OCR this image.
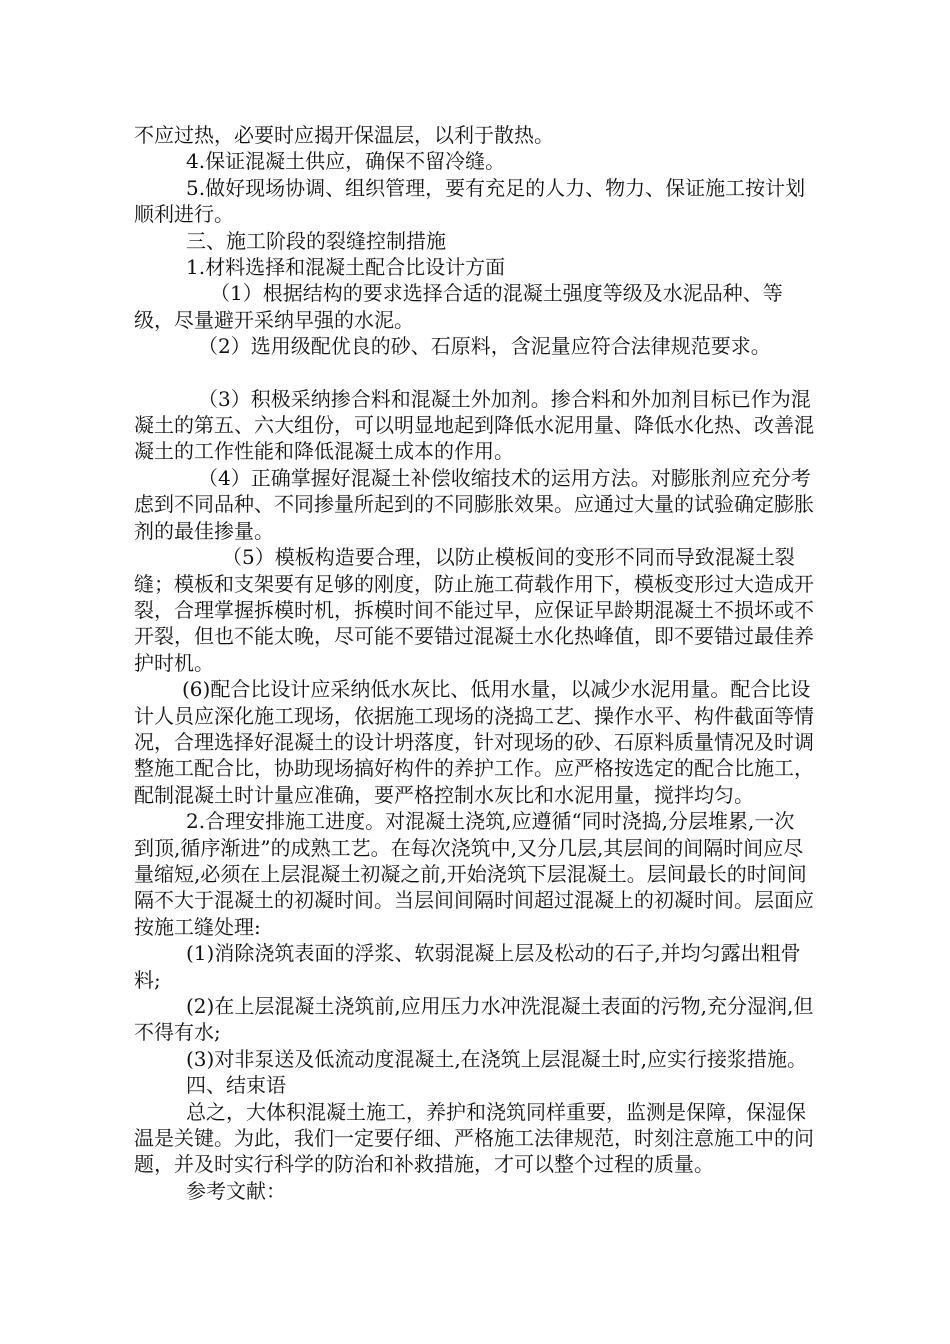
不应过热，必要时应揭开保温层，以利于散热。

4.保证混凝土供应，确保不留冷缝。

5.做好现场协调、组织管理，要有充足的人力、物力、保证施工按计划顺利进行。

三、施工阶段的裂缝控制措施

1.材料选择和混凝土配合比设计方面

（1）根据结构的要求选择合适的混凝土强度等级及水泥品种、等级，尽量避开采纳早强的水泥。

（2）选用级配优良的砂、石原料，含泥量应符合法律规范要求。

（3）积极采纳掺合料和混凝土外加剂。掺合料和外加剂目标已作为混凝土的第五、六大组份，可以明显地起到降低水泥用量、降低水化热、改善混凝土的工作性能和降低混凝土成本的作用。

（4）正确掌握好混凝土补偿收缩技术的运用方法。对膨胀剂应充分考虑到不同品种、不同掺量所起到的不同膨胀效果。应通过大量的试验确定膨胀剂的最佳掺量。

（5）模板构造要合理，以防止模板间的变形不同而导致混凝土裂缝；模板和支架要有足够的刚度，防止施工荷载作用下，模板变形过大造成开裂，合理掌握拆模时机，拆模时间不能过早，应保证早龄期混凝土不损坏或不开裂，但也不能太晚，尽可能不要错过混凝土水化热峰值，即不要错过最佳养护时机。

(6)配合比设计应采纳低水灰比、低用水量，以减少水泥用量。配合比设计人员应深化施工现场，依据施工现场的浇捣工艺、操作水平、构件截面等情况，合理选择好混凝土的设计坍落度，针对现场的砂、石原料质量情况及时调整施工配合比，协助现场搞好构件的养护工作。应严格按选定的配合比施工，配制混凝土时计量应准确，要严格控制水灰比和水泥用量，搅拌均匀。

2.合理安排施工进度。对混凝土浇筑,应遵循“同时浇捣,分层堆累,一次到顶,循序渐进”的成熟工艺。在每次浇筑中,又分几层,其层间的间隔时间应尽量缩短,必须在上层混凝土初凝之前,开始浇筑下层混凝土。层间最长的时间间隔不大于混凝土的初凝时间。当层间间隔时间超过混凝上的初凝时间。层面应按施工缝处理:

(1)消除浇筑表面的浮浆、软弱混凝上层及松动的石子,并均匀露出粗骨料;

(2)在上层混凝土浇筑前,应用压力水冲洗混凝土表面的污物,充分湿润,但不得有水;

(3)对非泵送及低流动度混凝土,在浇筑上层混凝土时,应实行接浆措施。

四、结束语

总之，大体积混凝土施工，养护和浇筑同样重要，监测是保障，保湿保温是关键。为此，我们一定要仔细、严格施工法律规范，时刻注意施工中的问题，并及时实行科学的防治和补救措施，才可以整个过程的质量。

参考文献：
